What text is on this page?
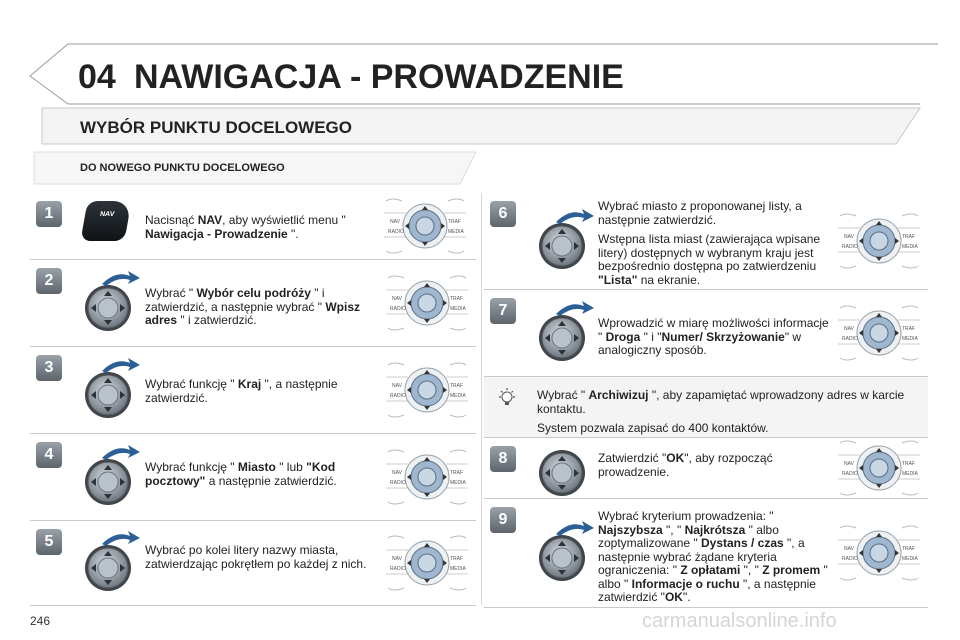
04 NAWIGACJA - PROWADZENIE
WYBÓR PUNKTU DOCELOWEGO
DO NOWEGO PUNKTU DOCELOWEGO
1	Nacisnąć NAV, aby wyświetlić menu " Nawigacja - Prowadzenie ".

NAV
NAV	TRAF
RADIO	MEDIA
2

Wybrać " Wybór celu podróży " i zatwierdzić, a następnie wybrać " Wpisz adres " i zatwierdzić.

NAV	TRAF
RADIO	MEDIA
3

Wybrać funkcję " Kraj ", a następnie zatwierdzić.

NAV	TRAF
RADIO	MEDIA
4

Wybrać funkcję " Miasto " lub "Kod pocztowy" a następnie zatwierdzić.

NAV	TRAF
RADIO	MEDIA
5	Wybrać po kolei litery nazwy miasta, zatwierdzając pokrętłem po każdej z nich.	NAV	TRAF
RADIO	MEDIA
6	Wybrać miasto z proponowanej listy, a następnie zatwierdzić.

Wstępna lista miast (zawierająca wpisane litery) dostępnych w wybranym kraju jest bezpośrednio dostępna po zatwierdzeniu "Lista" na ekranie.

NAV	TRAF
RADIO	MEDIA
7

Wprowadzić w miarę możliwości informacje " Droga " i "Numer/ Skrzyżowanie" w analogiczny sposób.

NAV	TRAF
RADIO	MEDIA
8	Zatwierdzić "OK", aby rozpocząć prowadzenie.

NAV	TRAF
RADIO	MEDIA
9	Wybrać kryterium prowadzenia: " Najszybsza ", " Najkrótsza " albo zoptymalizowane " Dystans / czas ", a następnie wybrać żądane kryteria ograniczenia: " Z opłatami ", " Z promem " albo " Informacje o ruchu ", a następnie zatwierdzić "OK".

NAV	TRAF
RADIO	MEDIA

Wybrać " Archiwizuj ", aby zapamiętać wprowadzony adres w karcie kontaktu.

System pozwala zapisać do 400 kontaktów.

246	carmanualsonline.info
